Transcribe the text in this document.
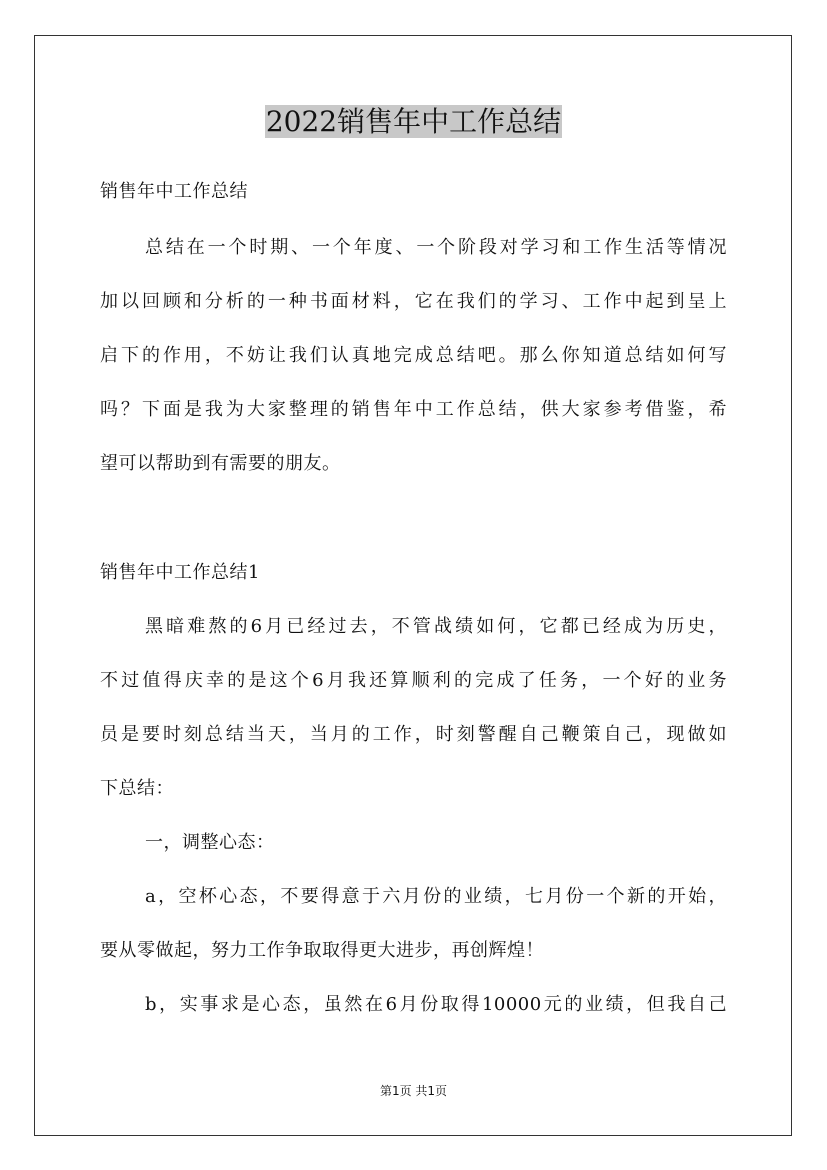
2022销售年中工作总结
销售年中工作总结
总结在一个时期、一个年度、一个阶段对学习和工作生活等情况
加以回顾和分析的一种书面材料，它在我们的学习、工作中起到呈上
启下的作用，不妨让我们认真地完成总结吧。那么你知道总结如何写
吗？下面是我为大家整理的销售年中工作总结，供大家参考借鉴，希
望可以帮助到有需要的朋友。
销售年中工作总结1
黑暗难熬的6月已经过去，不管战绩如何，它都已经成为历史，
不过值得庆幸的是这个6月我还算顺利的完成了任务，一个好的业务
员是要时刻总结当天，当月的工作，时刻警醒自己鞭策自己，现做如
下总结：
一，调整心态：
a，空杯心态，不要得意于六月份的业绩，七月份一个新的开始，
要从零做起，努力工作争取取得更大进步，再创辉煌！
b，实事求是心态，虽然在6月份取得10000元的业绩，但我自己
第1页 共1页
